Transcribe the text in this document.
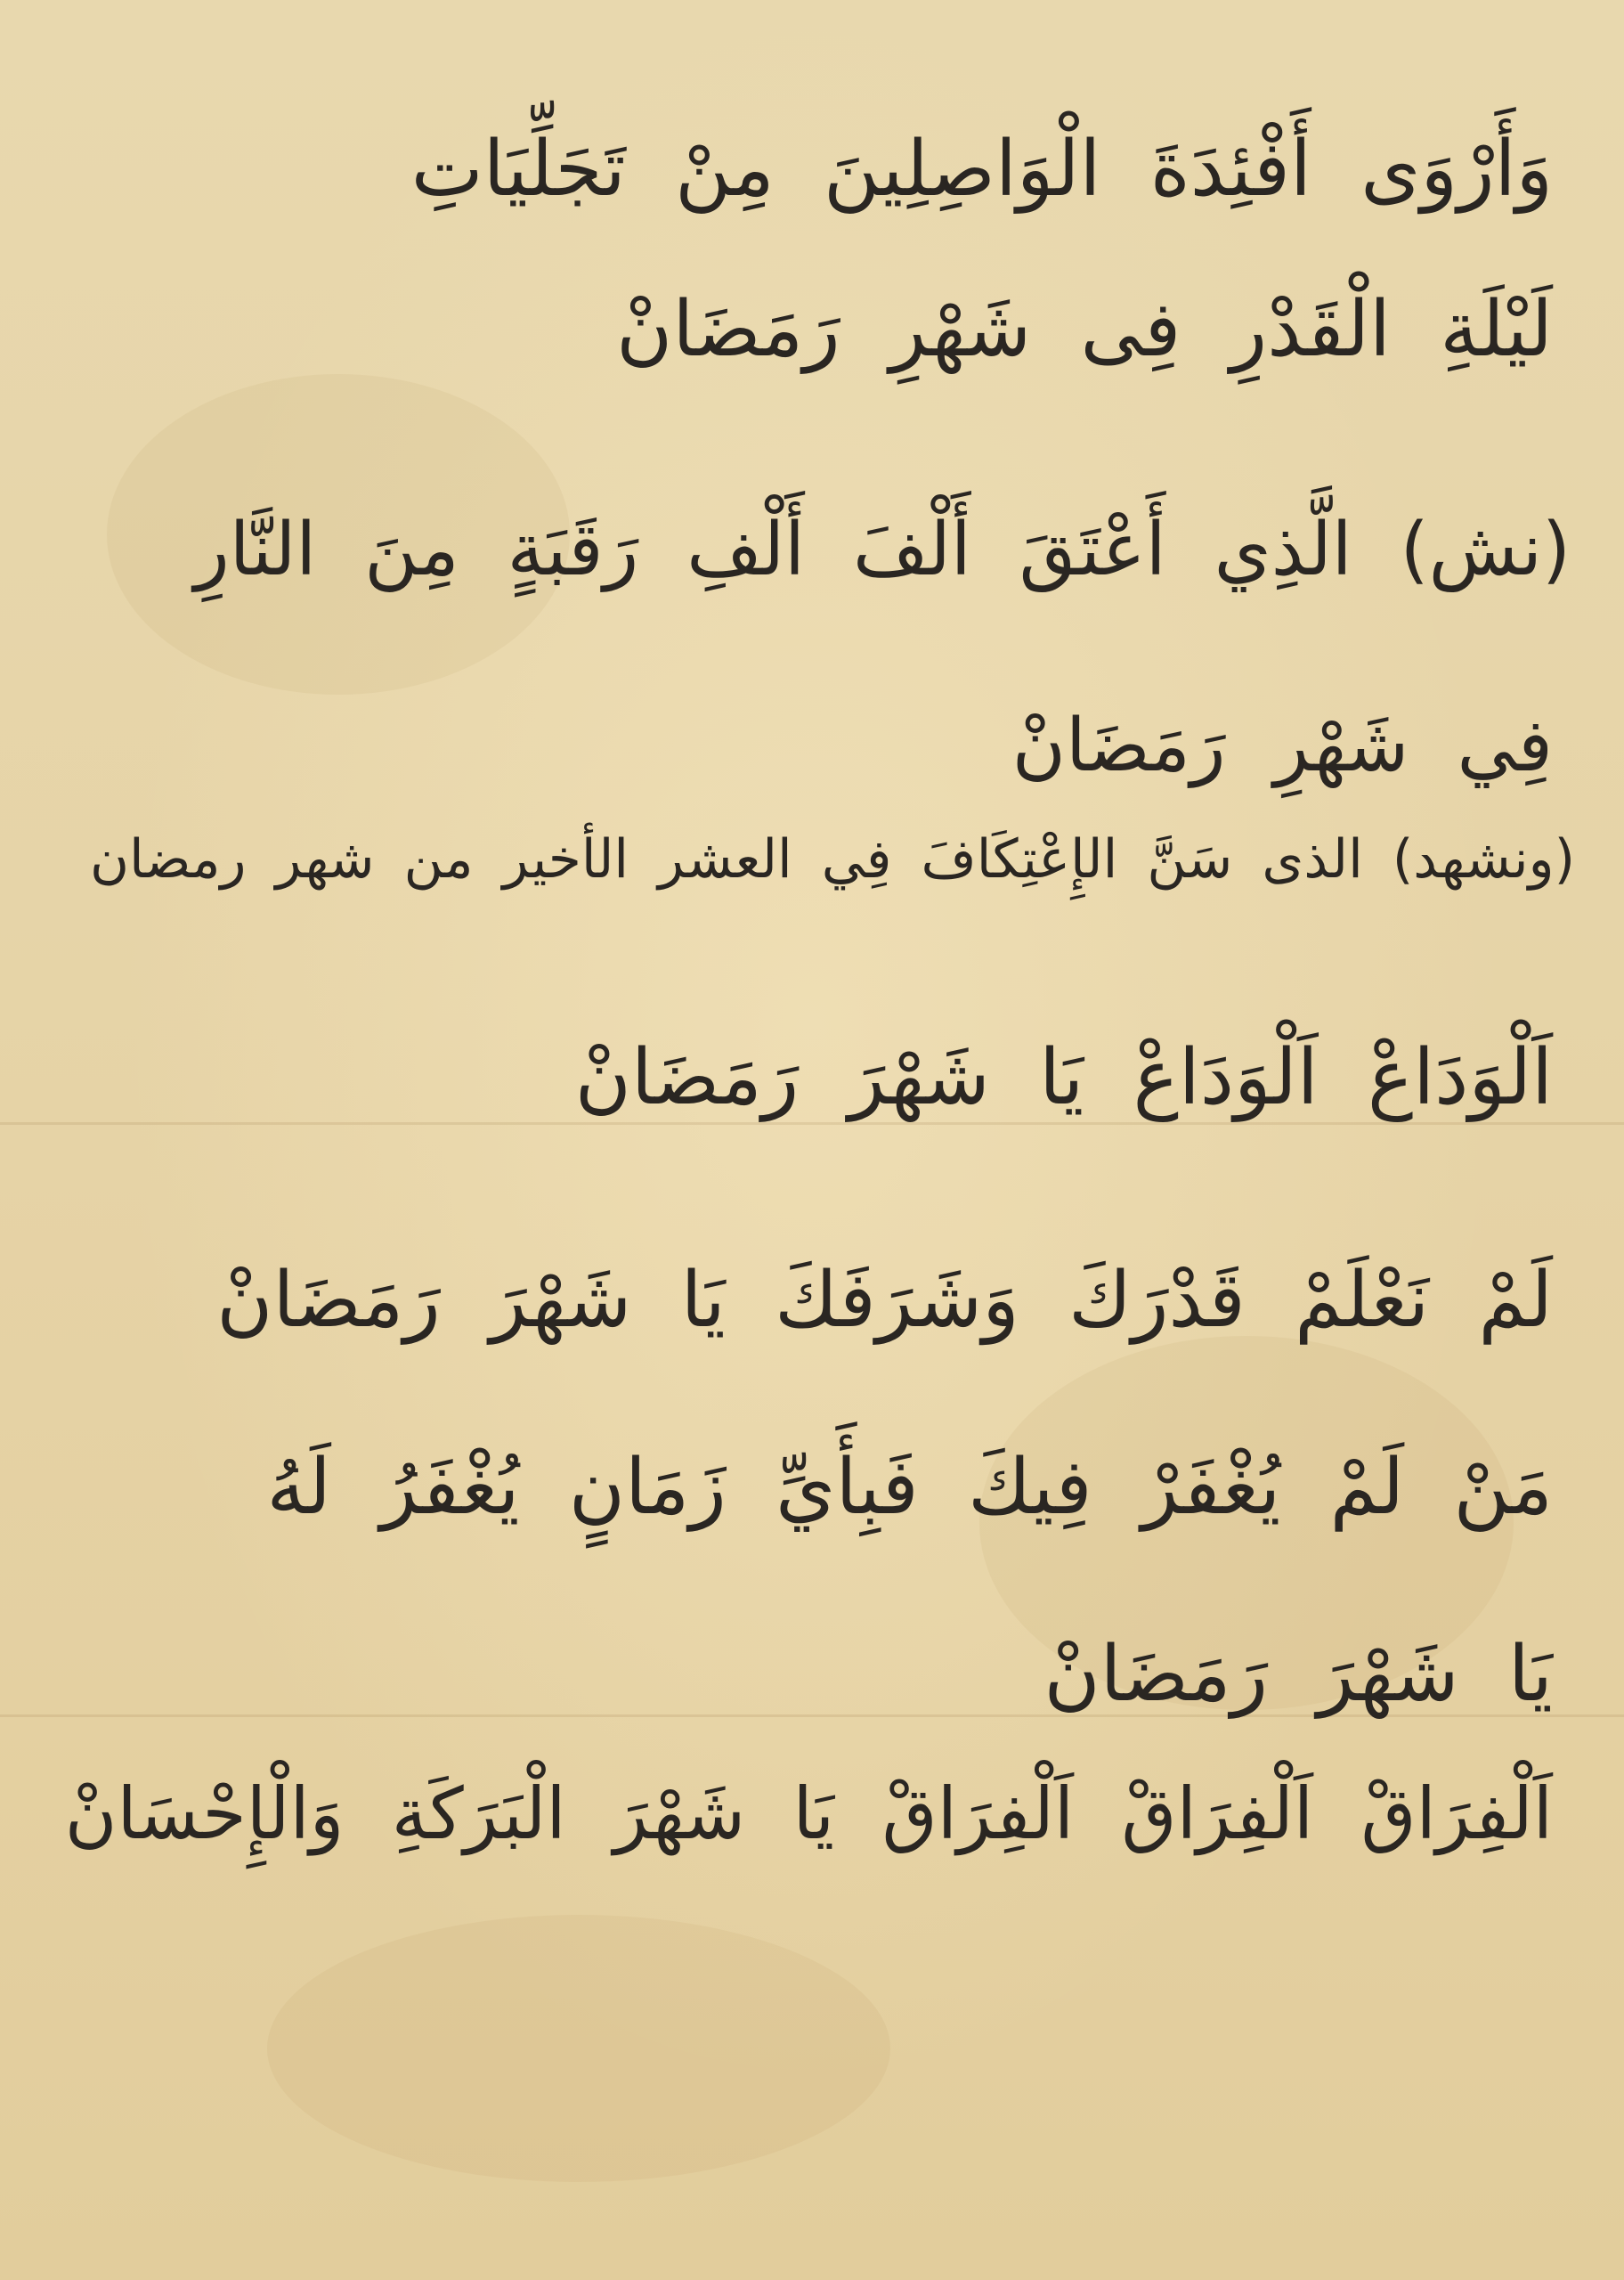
وَأَرْوَى أَفْئِدَةَ الْوَاصِلِينَ مِنْ تَجَلِّيَاتِ
لَيْلَةِ الْقَدْرِ فِى شَهْرِ رَمَضَانْ
(نش) الَّذِي أَعْتَقَ أَلْفَ أَلْفِ رَقَبَةٍ مِنَ النَّارِ
فِي شَهْرِ رَمَضَانْ
(ونشهد) الذى سَنَّ الإِعْتِكَافَ فِي العشر الأخير من شهر رمضان
اَلْوَدَاعْ اَلْوَدَاعْ يَا شَهْرَ رَمَضَانْ
لَمْ نَعْلَمْ قَدْرَكَ وَشَرَفَكَ يَا شَهْرَ رَمَضَانْ
مَنْ لَمْ يُغْفَرْ فِيكَ فَبِأَيِّ زَمَانٍ يُغْفَرُ لَهُ
يَا شَهْرَ رَمَضَانْ
اَلْفِرَاقْ اَلْفِرَاقْ اَلْفِرَاقْ يَا شَهْرَ الْبَرَكَةِ وَالْإِحْسَانْ
